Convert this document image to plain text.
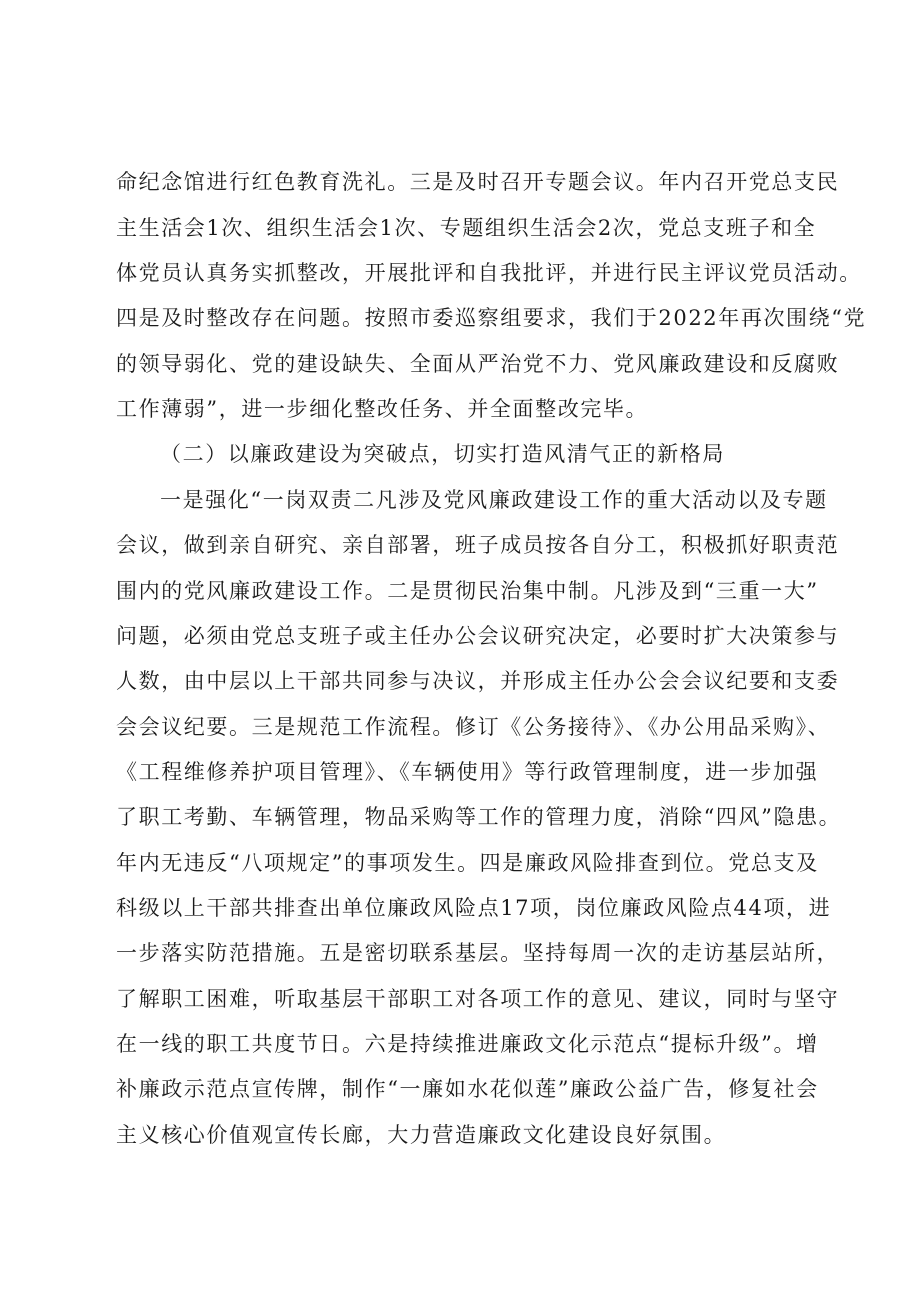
命纪念馆进行红色教育洗礼。三是及时召开专题会议。年内召开党总支民
主生活会1次、组织生活会1次、专题组织生活会2次，党总支班子和全
体党员认真务实抓整改，开展批评和自我批评，并进行民主评议党员活动。
四是及时整改存在问题。按照市委巡察组要求，我们于2022年再次围绕“党
的领导弱化、党的建设缺失、全面从严治党不力、党风廉政建设和反腐败
工作薄弱”，进一步细化整改任务、并全面整改完毕。
（二）以廉政建设为突破点，切实打造风清气正的新格局
一是强化“一岗双责二凡涉及党风廉政建设工作的重大活动以及专题
会议，做到亲自研究、亲自部署，班子成员按各自分工，积极抓好职责范
围内的党风廉政建设工作。二是贯彻民治集中制。凡涉及到“三重一大”
问题，必须由党总支班子或主任办公会议研究决定，必要时扩大决策参与
人数，由中层以上干部共同参与决议，并形成主任办公会会议纪要和支委
会会议纪要。三是规范工作流程。修订《公务接待》、《办公用品采购》、
《工程维修养护项目管理》、《车辆使用》等行政管理制度，进一步加强
了职工考勤、车辆管理，物品采购等工作的管理力度，消除“四风”隐患。
年内无违反“八项规定”的事项发生。四是廉政风险排查到位。党总支及
科级以上干部共排查出单位廉政风险点17项，岗位廉政风险点44项，进
一步落实防范措施。五是密切联系基层。坚持每周一次的走访基层站所，
了解职工困难，听取基层干部职工对各项工作的意见、建议，同时与坚守
在一线的职工共度节日。六是持续推进廉政文化示范点“提标升级”。增
补廉政示范点宣传牌，制作“一廉如水花似莲”廉政公益广告，修复社会
主义核心价值观宣传长廊，大力营造廉政文化建设良好氛围。
